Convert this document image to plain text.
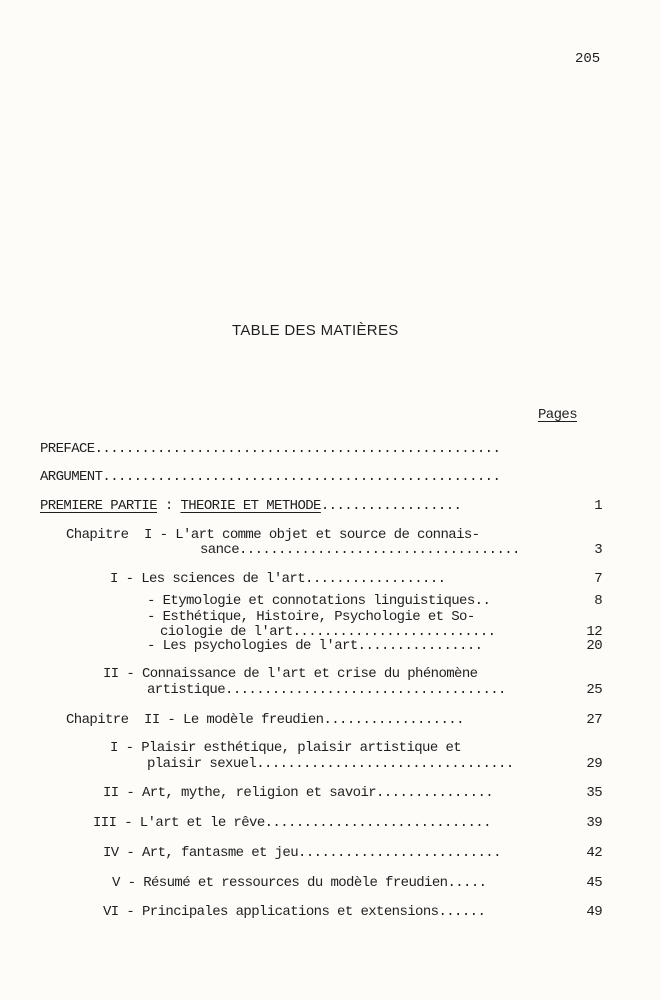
205
TABLE DES MATIÈRES
Pages
PREFACE....................................................
ARGUMENT...................................................
PREMIERE PARTIE : THEORIE ET METHODE..................	1
Chapitre  I - L'art comme objet et source de connais-
sance....................................	3
I - Les sciences de l'art..................	7
- Etymologie et connotations linguistiques..	8
- Esthétique, Histoire, Psychologie et So-
ciologie de l'art..........................	12
- Les psychologies de l'art................	20
II - Connaissance de l'art et crise du phénomène
artistique....................................	25
Chapitre  II - Le modèle freudien..................	27
I - Plaisir esthétique, plaisir artistique et
plaisir sexuel.................................	29
II - Art, mythe, religion et savoir...............	35
III - L'art et le rêve.............................	39
IV - Art, fantasme et jeu..........................	42
V - Résumé et ressources du modèle freudien.....	45
VI - Principales applications et extensions......	49
